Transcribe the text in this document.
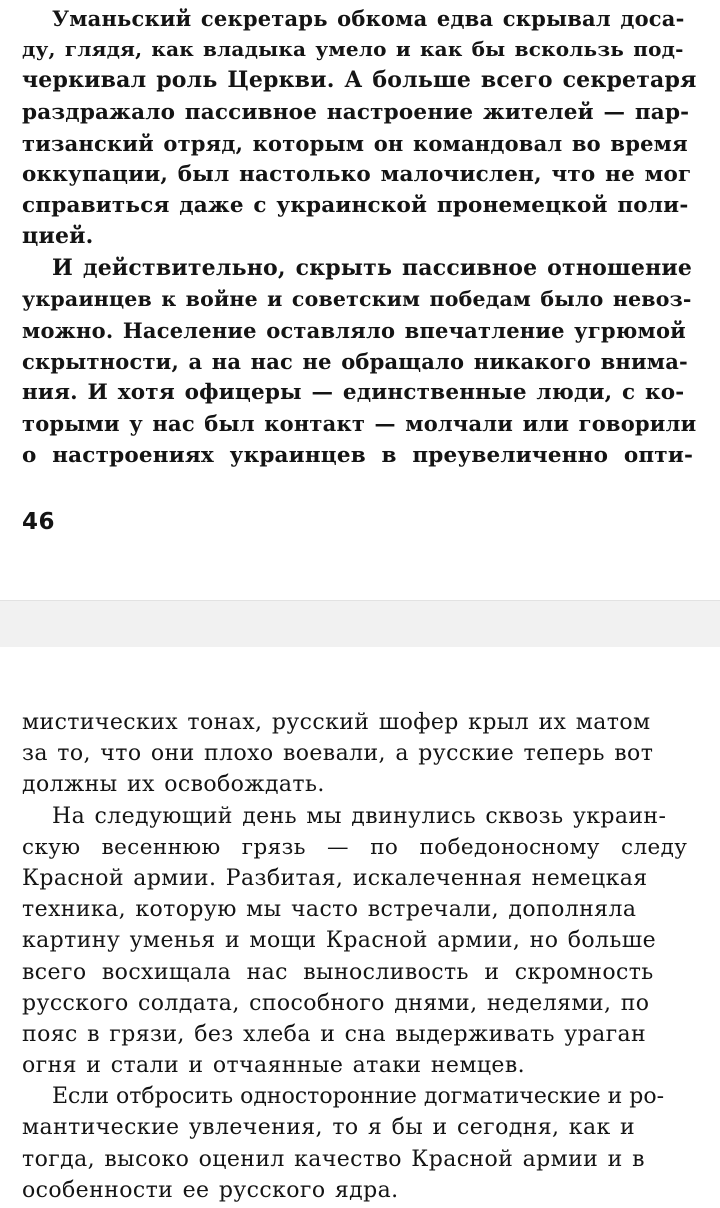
Уманьский секретарь обкома едва скрывал доса-
ду, глядя, как владыка умело и как бы вскользь под-
черкивал роль Церкви. А больше всего секретаря
раздражало пассивное настроение жителей — пар-
тизанский отряд, которым он командовал во время
оккупации, был настолько малочислен, что не мог
справиться даже с украинской пронемецкой поли-
цией.
И действительно, скрыть пассивное отношение
украинцев к войне и советским победам было невоз-
можно. Население оставляло впечатление угрюмой
скрытности, а на нас не обращало никакого внима-
ния. И хотя офицеры — единственные люди, с ко-
торыми у нас был контакт — молчали или говорили
о настроениях украинцев в преувеличенно опти-
46
мистических тонах, русский шофер крыл их матом
за то, что они плохо воевали, а русские теперь вот
должны их освобождать.
На следующий день мы двинулись сквозь украин-
скую весеннюю грязь — по победоносному следу
Красной армии. Разбитая, искалеченная немецкая
техника, которую мы часто встречали, дополняла
картину уменья и мощи Красной армии, но больше
всего восхищала нас выносливость и скромность
русского солдата, способного днями, неделями, по
пояс в грязи, без хлеба и сна выдерживать ураган
огня и стали и отчаянные атаки немцев.
Если отбросить односторонние догматические и ро-
мантические увлечения, то я бы и сегодня, как и
тогда, высоко оценил качество Красной армии и в
особенности ее русского ядра.
